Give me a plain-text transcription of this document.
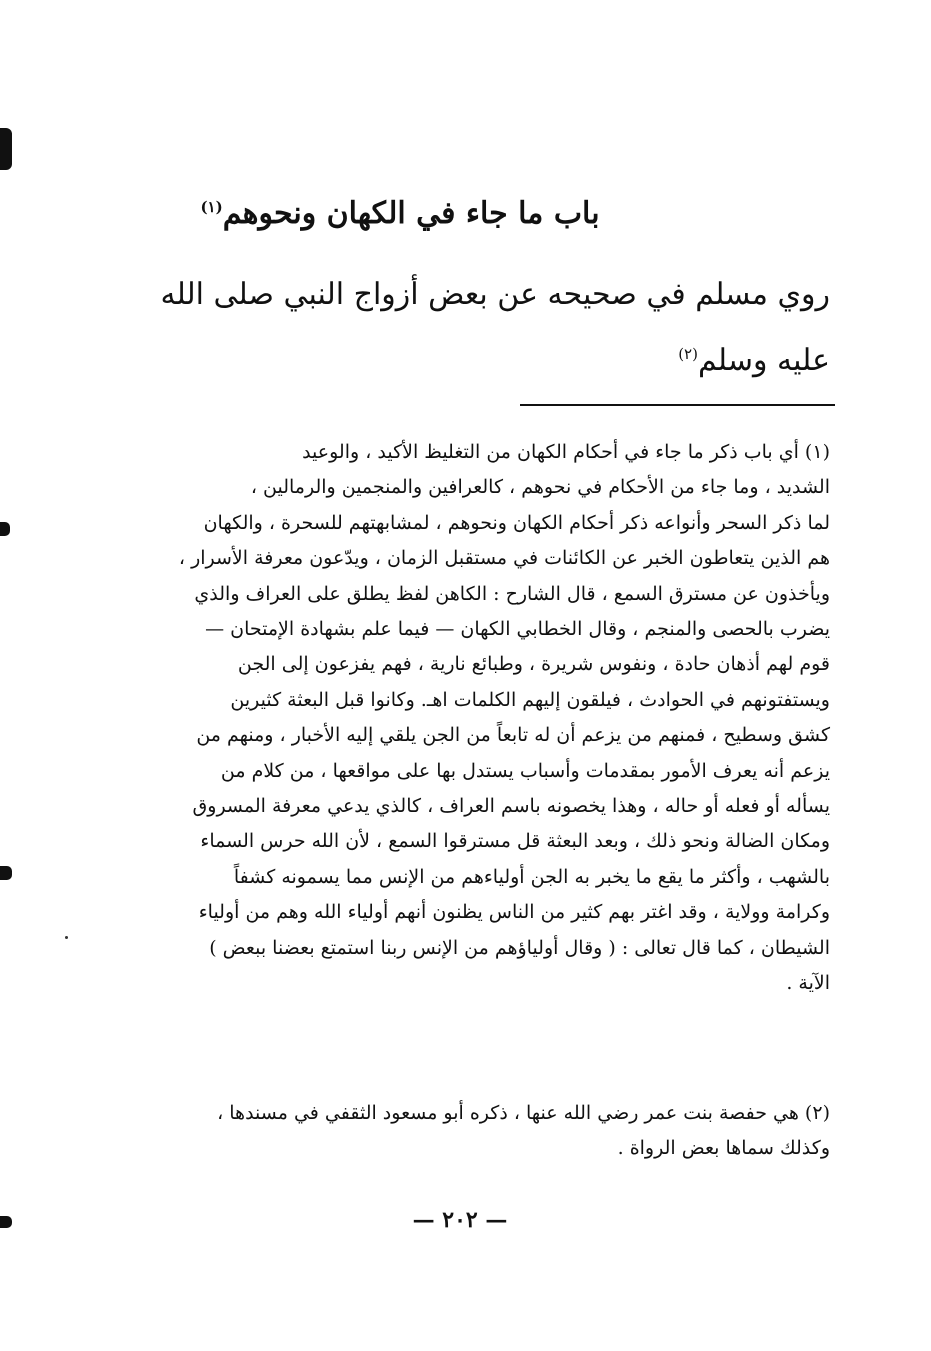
باب ما جاء في الكهان ونحوهم$^{(١)}$
روي مسلم في صحيحه عن بعض أزواج النبي صلى الله
عليه وسلم$^{(٢)}$
(١) أي باب ذكر ما جاء في أحكام الكهان من التغليظ الأكيد ، والوعيد
الشديد ، وما جاء من الأحكام في نحوهم ، كالعرافين والمنجمين والرمالين ،
لما ذكر السحر وأنواعه ذكر أحكام الكهان ونحوهم ، لمشابهتهم للسحرة ، والكهان
هم الذين يتعاطون الخبر عن الكائنات في مستقبل الزمان ، ويدّعون معرفة الأسرار ،
ويأخذون عن مسترق السمع ، قال الشارح : الكاهن لفظ يطلق على العراف والذي
يضرب بالحصى والمنجم ، وقال الخطابي الكهان — فيما علم بشهادة الإمتحان —
قوم لهم أذهان حادة ، ونفوس شريرة ، وطبائع نارية ، فهم يفزعون إلى الجن
ويستفتونهم في الحوادث ، فيلقون إليهم الكلمات اهـ. وكانوا قبل البعثة كثيرين
كشق وسطيح ، فمنهم من يزعم أن له تابعاً من الجن يلقي إليه الأخبار ، ومنهم من
يزعم أنه يعرف الأمور بمقدمات وأسباب يستدل بها على مواقعها ، من كلام من
يسأله أو فعله أو حاله ، وهذا يخصونه باسم العراف ، كالذي يدعي معرفة المسروق
ومكان الضالة ونحو ذلك ، وبعد البعثة قل مسترقوا السمع ، لأن الله حرس السماء
بالشهب ، وأكثر ما يقع ما يخبر به الجن أولياءهم من الإنس مما يسمونه كشفاً
وكرامة وولاية ، وقد اغتر بهم كثير من الناس يظنون أنهم أولياء الله وهم من أولياء
الشيطان ، كما قال تعالى : ( وقال أولياؤهم من الإنس ربنا استمتع بعضنا ببعض )
الآية .
(٢) هي حفصة بنت عمر رضي الله عنها ، ذكره أبو مسعود الثقفي في مسندها ،
وكذلك سماها بعض الرواة .
— ٢٠٢ —
